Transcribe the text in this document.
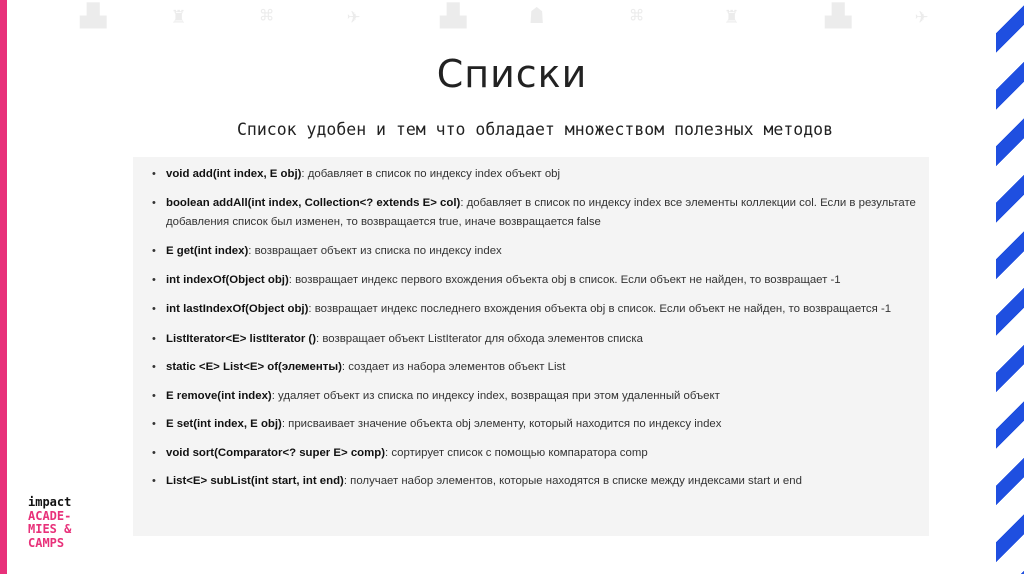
▟▙	♜	⌘	✈	▟▙	☗	⌘	♜	▟▙	✈
Списки
Список удобен и тем что обладает множеством полезных методов
• void add(int index, E obj): добавляет в список по индексу index объект obj
• boolean addAll(int index, Collection<? extends E> col): добавляет в список по индексу index все элементы коллекции col. Если в результате добавления список был изменен, то возвращается true, иначе возвращается false
• E get(int index): возвращает объект из списка по индексу index
• int indexOf(Object obj): возвращает индекс первого вхождения объекта obj в список. Если объект не найден, то возвращает -1
• int lastIndexOf(Object obj): возвращает индекс последнего вхождения объекта obj в список. Если объект не найден, то возвращается -1
• ListIterator<E> listIterator (): возвращает объект ListIterator для обхода элементов списка
• static <E> List<E> of(элементы): создает из набора элементов объект List
• E remove(int index): удаляет объект из списка по индексу index, возвращая при этом удаленный объект
• E set(int index, E obj): присваивает значение объекта obj элементу, который находится по индексу index
• void sort(Comparator<? super E> comp): сортирует список с помощью компаратора comp
• List<E> subList(int start, int end): получает набор элементов, которые находятся в списке между индексами start и end
impact
ACADE-
MIES &
CAMPS
